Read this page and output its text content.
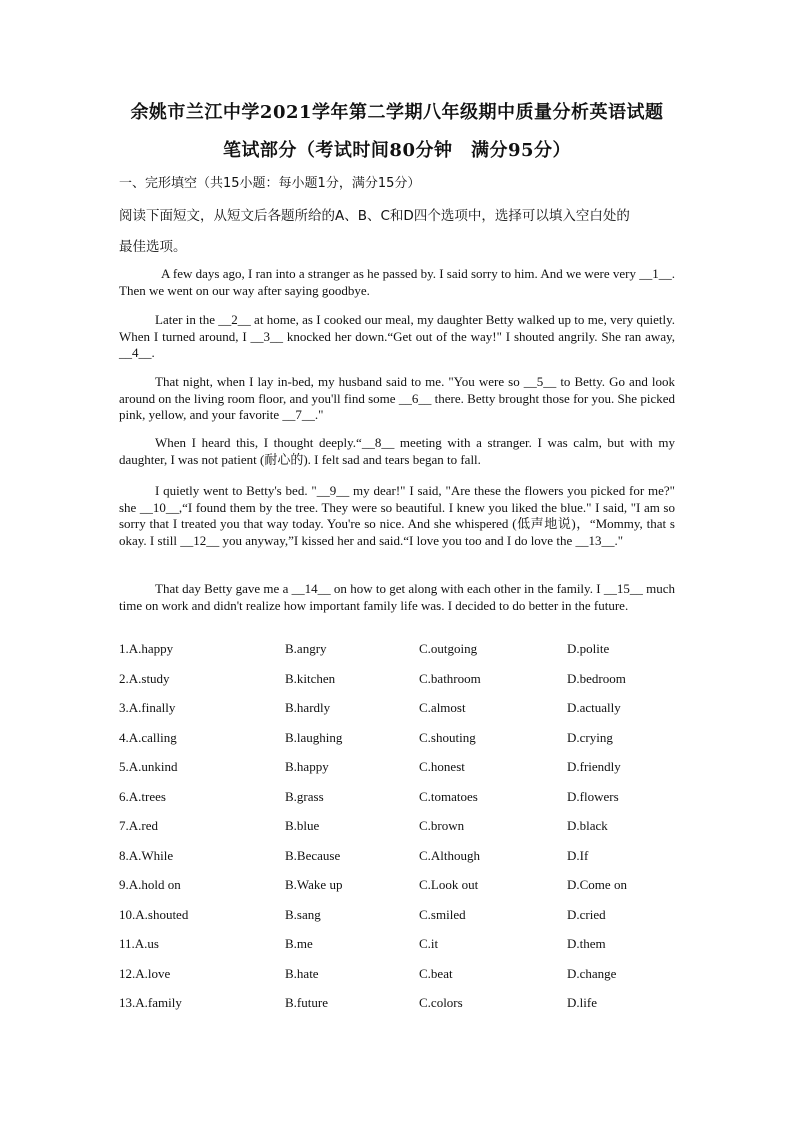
余姚市兰江中学2021学年第二学期八年级期中质量分析英语试题
笔试部分（考试时间80分钟　满分95分）
一、完形填空（共15小题：每小题1分，满分15分）
阅读下面短文，从短文后各题所给的A、B、C和D四个选项中，选择可以填入空白处的
最佳选项。

A few days ago, I ran into a stranger as he passed by. I said sorry to him. And we were very __1__. Then we went on our way after saying goodbye.

Later in the __2__ at home, as I cooked our meal, my daughter Betty walked up to me, very quietly. When I turned around, I __3__ knocked her down.“Get out of the way!" I shouted angrily. She ran away, __4__.

That night, when I lay in-bed, my husband said to me. "You were so __5__ to Betty. Go and look around on the living room floor, and you'll find some __6__ there. Betty brought those for you. She picked pink, yellow, and your favorite __7__."

When I heard this, I thought deeply.“__8__ meeting with a stranger. I was calm, but with my daughter, I was not patient (耐心的). I felt sad and tears began to fall.

I quietly went to Betty's bed. "__9__ my dear!" I said, "Are these the flowers you picked for me?" she __10__,“I found them by the tree. They were so beautiful. I knew you liked the blue." I said, "I am so sorry that I treated you that way today. You're so nice. And she whispered (低声地说)，“Mommy, that s okay. I still __12__ you anyway,”I kissed her and said.“I love you too and I do love the __13__."

That day Betty gave me a __14__ on how to get along with each other in the family. I __15__ much time on work and didn't realize how important family life was. I decided to do better in the future.

1.A.happy	B.angry	C.outgoing	D.polite
2.A.study	B.kitchen	C.bathroom	D.bedroom
3.A.finally	B.hardly	C.almost	D.actually
4.A.calling	B.laughing	C.shouting	D.crying
5.A.unkind	B.happy	C.honest	D.friendly
6.A.trees	B.grass	C.tomatoes	D.flowers
7.A.red	B.blue	C.brown	D.black
8.A.While	B.Because	C.Although	D.If
9.A.hold on	B.Wake up	C.Look out	D.Come on
10.A.shouted	B.sang	C.smiled	D.cried
11.A.us	B.me	C.it	D.them
12.A.love	B.hate	C.beat	D.change
13.A.family	B.future	C.colors	D.life
